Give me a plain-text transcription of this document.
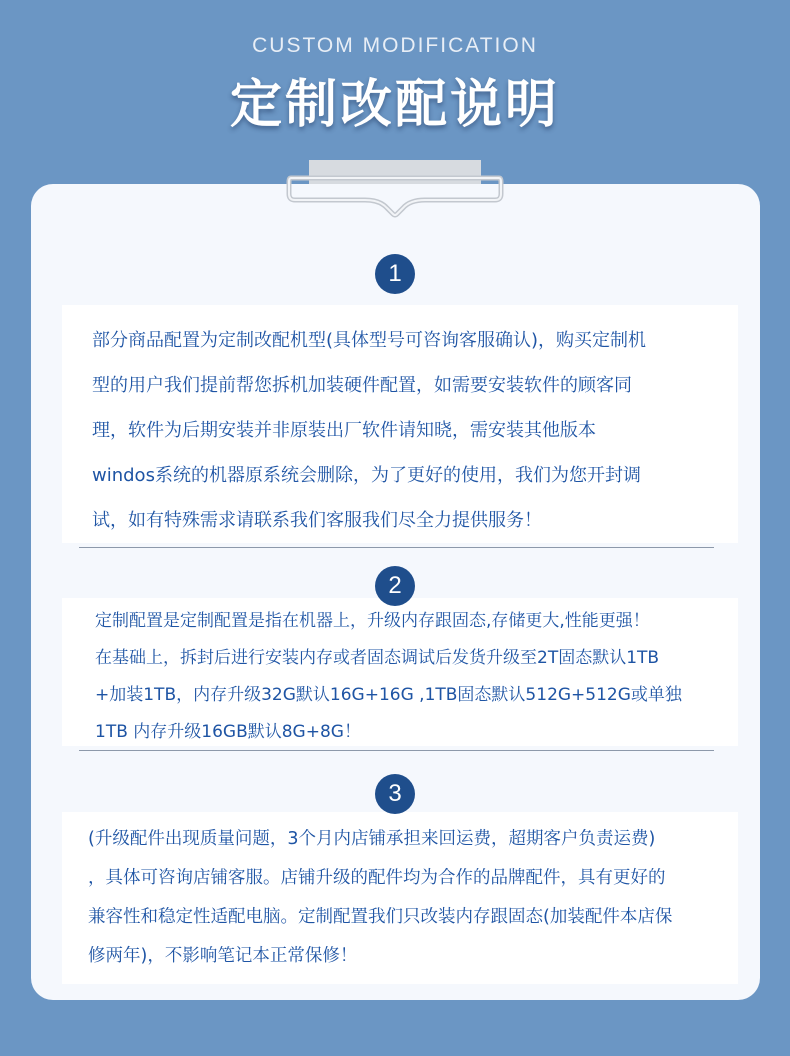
CUSTOM MODIFICATION
定制改配说明
1

部分商品配置为定制改配机型(具体型号可咨询客服确认)，购买定制机

型的用户我们提前帮您拆机加装硬件配置，如需要安装软件的顾客同

理，软件为后期安装并非原装出厂软件请知晓，需安装其他版本

windos系统的机器原系统会删除，为了更好的使用，我们为您开封调

试，如有特殊需求请联系我们客服我们尽全力提供服务！

2

定制配置是定制配置是指在机器上，升级内存跟固态,存储更大,性能更强！

在基础上，拆封后进行安装内存或者固态调试后发货升级至2T固态默认1TB

+加装1TB，内存升级32G默认16G+16G ,1TB固态默认512G+512G或单独

1TB 内存升级16GB默认8G+8G！

3

(升级配件出现质量问题，3个月内店铺承担来回运费，超期客户负责运费)

，具体可咨询店铺客服。店铺升级的配件均为合作的品牌配件，具有更好的

兼容性和稳定性适配电脑。定制配置我们只改装内存跟固态(加装配件本店保

修两年)，不影响笔记本正常保修！
